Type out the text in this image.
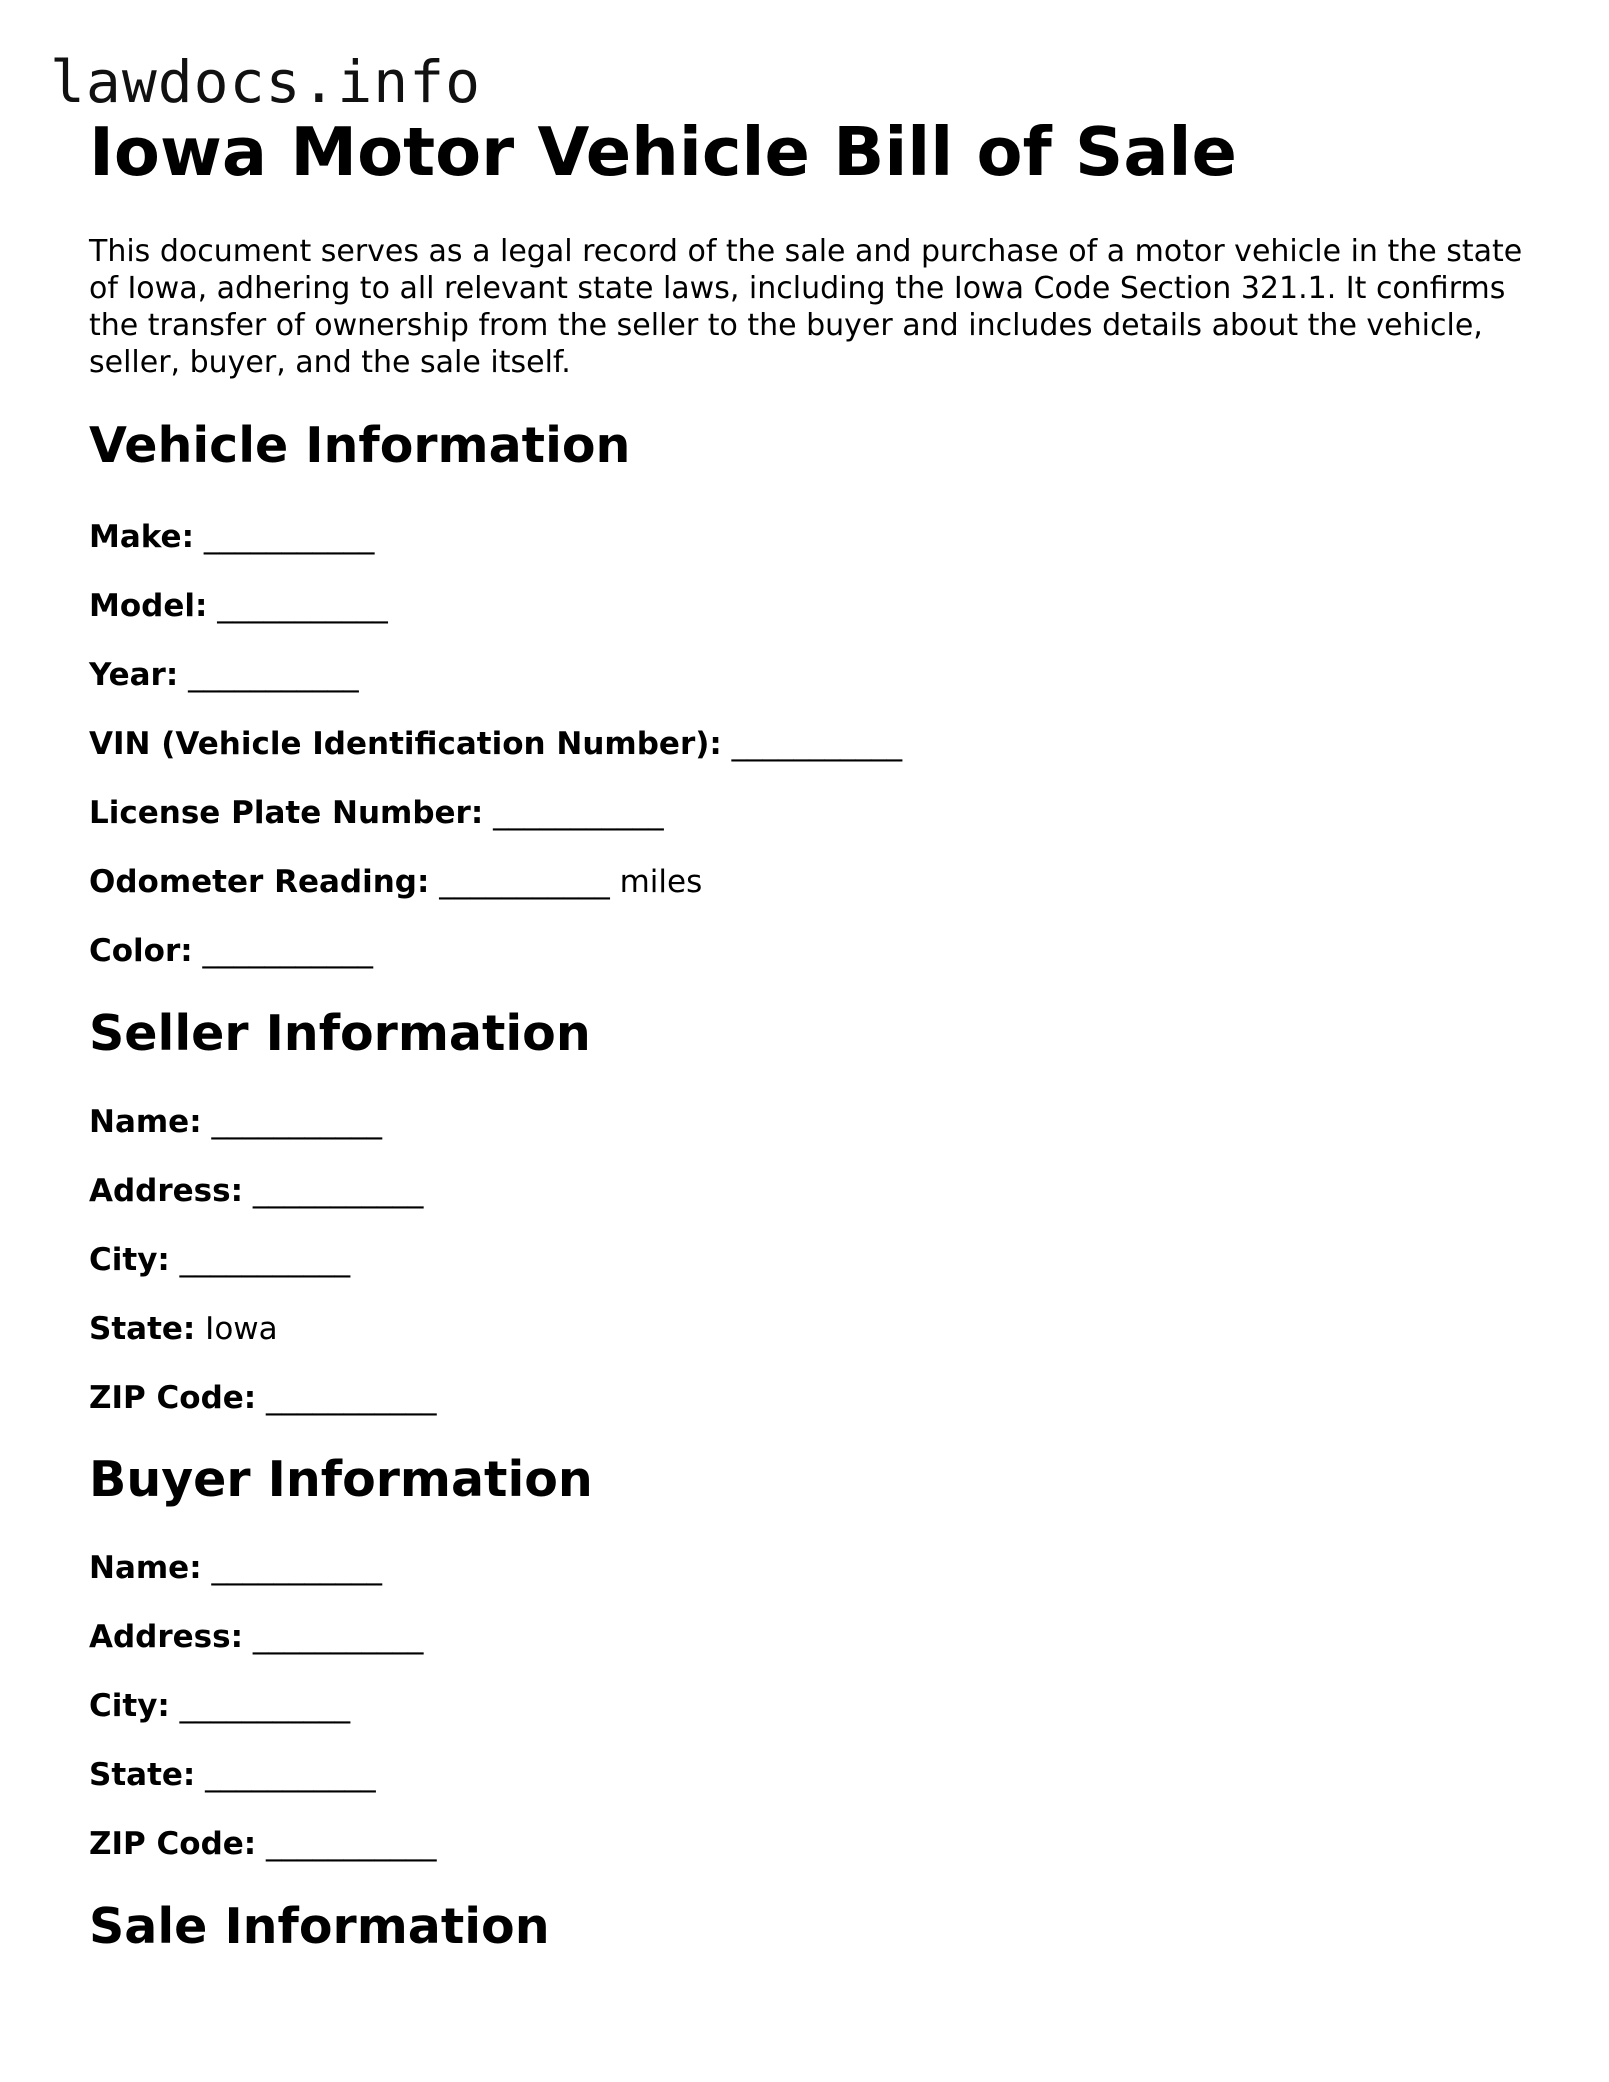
lawdocs.info
Iowa Motor Vehicle Bill of Sale

This document serves as a legal record of the sale and purchase of a motor vehicle in the state of Iowa, adhering to all relevant state laws, including the Iowa Code Section 321.1. It confirms the transfer of ownership from the seller to the buyer and includes details about the vehicle, seller, buyer, and the sale itself.

Vehicle Information
Make: ___________
Model: ___________
Year: ___________
VIN (Vehicle Identification Number): ___________
License Plate Number: ___________
Odometer Reading: ___________ miles
Color: ___________
Seller Information
Name: ___________
Address: ___________
City: ___________
State: Iowa
ZIP Code: ___________
Buyer Information
Name: ___________
Address: ___________
City: ___________
State: ___________
ZIP Code: ___________
Sale Information
